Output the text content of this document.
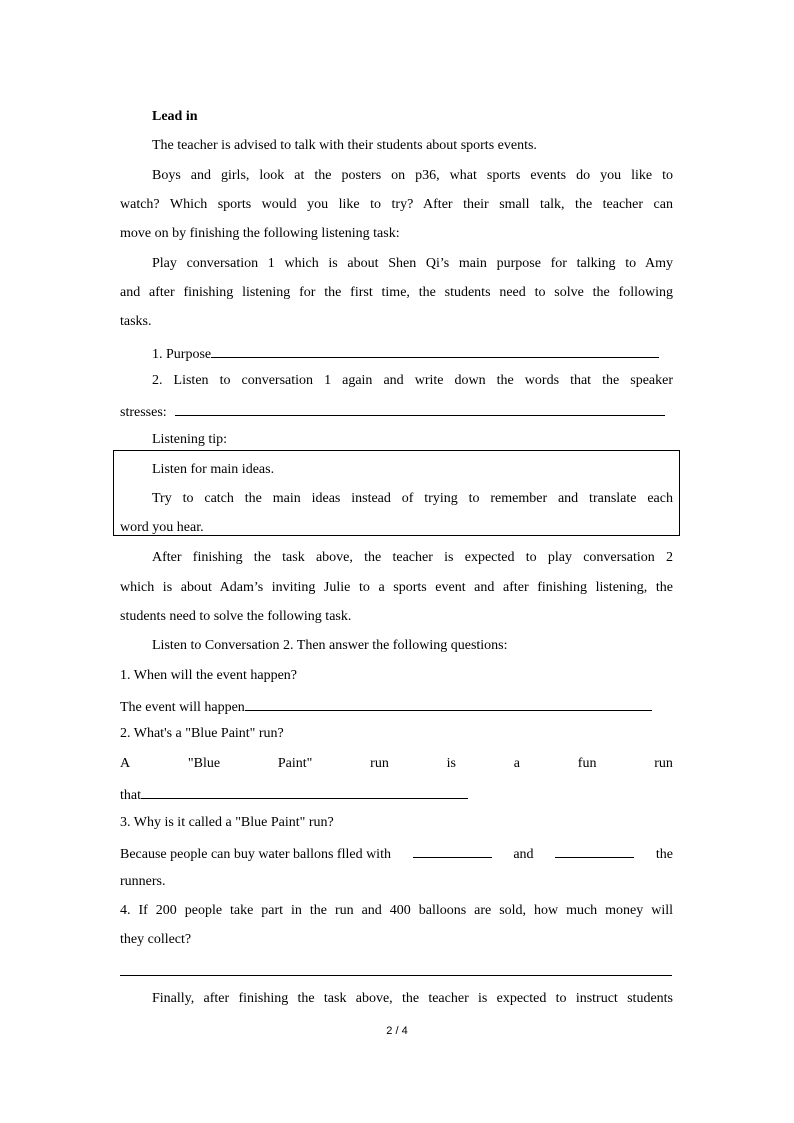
Lead in
The teacher is advised to talk with their students about sports events.
Boys and girls, look at the posters on p36, what sports events do you like to
watch? Which sports would you like to try? After their small talk, the teacher can
move on by finishing the following listening task:
Play conversation 1 which is about Shen Qi’s main purpose for talking to Amy
and after finishing listening for the first time, the students need to solve the following
tasks.
1. Purpose
2. Listen to conversation 1 again and write down the words that the speaker
stresses:
Listening tip:
Listen for main ideas.
Try to catch the main ideas instead of trying to remember and translate each
word you hear.
After finishing the task above, the teacher is expected to play conversation 2
which is about Adam’s inviting Julie to a sports event and after finishing listening, the
students need to solve the following task.
Listen to Conversation 2. Then answer the following questions:
1. When will the event happen?
The event will happen
2. What's a "Blue Paint" run?
A	"Blue	Paint"	run	is	a	fun	run
that
3. Why is it called a "Blue Paint" run?
Because people can buy water ballons flled with	and	the
runners.
4. If 200 people take part in the run and 400 balloons are sold, how much money will
they collect?
Finally, after finishing the task above, the teacher is expected to instruct students
2 / 4
